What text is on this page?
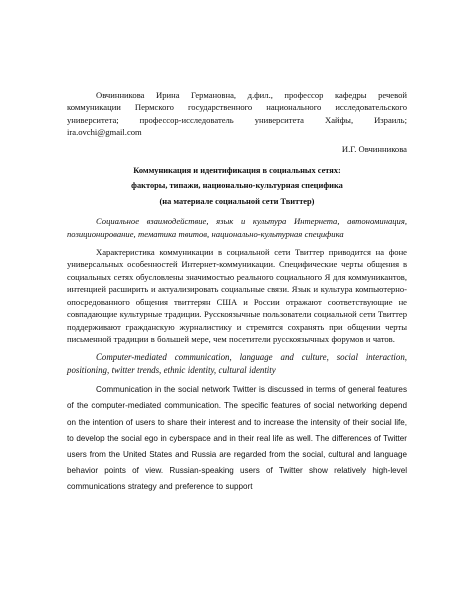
Овчинникова Ирина Германовна, д.фил., профессор кафедры речевой коммуникации Пермского государственного национального исследовательского университета; профессор-исследователь университета Хайфы, Израиль; ira.ovchi@gmail.com

И.Г. Овчинникова

Коммуникация и идентификация в социальных сетях:
факторы, типажи, национально-культурная специфика
(на материале социальной сети Твиттер)

Социальное взаимодействие, язык и культура Интернета, автономинация, позиционирование, тематика твитов, национально-культурная специфика

Характеристика коммуникации в социальной сети Твиттер приводится на фоне универсальных особенностей Интернет-коммуникации. Специфические черты общения в социальных сетях обусловлены значимостью реального социального Я для коммуникантов, интенцией расширить и актуализировать социальные связи. Язык и культура компьютерно-опосредованного общения твиттерян США и России отражают соответствующие не совпадающие культурные традиции. Русскоязычные пользователи социальной сети Твиттер поддерживают гражданскую журналистику и стремятся сохранять при общении черты письменной традиции в большей мере, чем посетители русскоязычных форумов и чатов.

Computer-mediated communication, language and culture, social interaction, positioning, twitter trends, ethnic identity, cultural identity

Communication in the social network Twitter is discussed in terms of general features of the computer-mediated communication. The specific features of social networking depend on the intention of users to share their interest and to increase the intensity of their social life, to develop the social ego in cyberspace and in their real life as well. The differences of Twitter users from the United States and Russia are regarded from the social, cultural and language behavior points of view. Russian-speaking users of Twitter show relatively high-level communications strategy and preference to support
